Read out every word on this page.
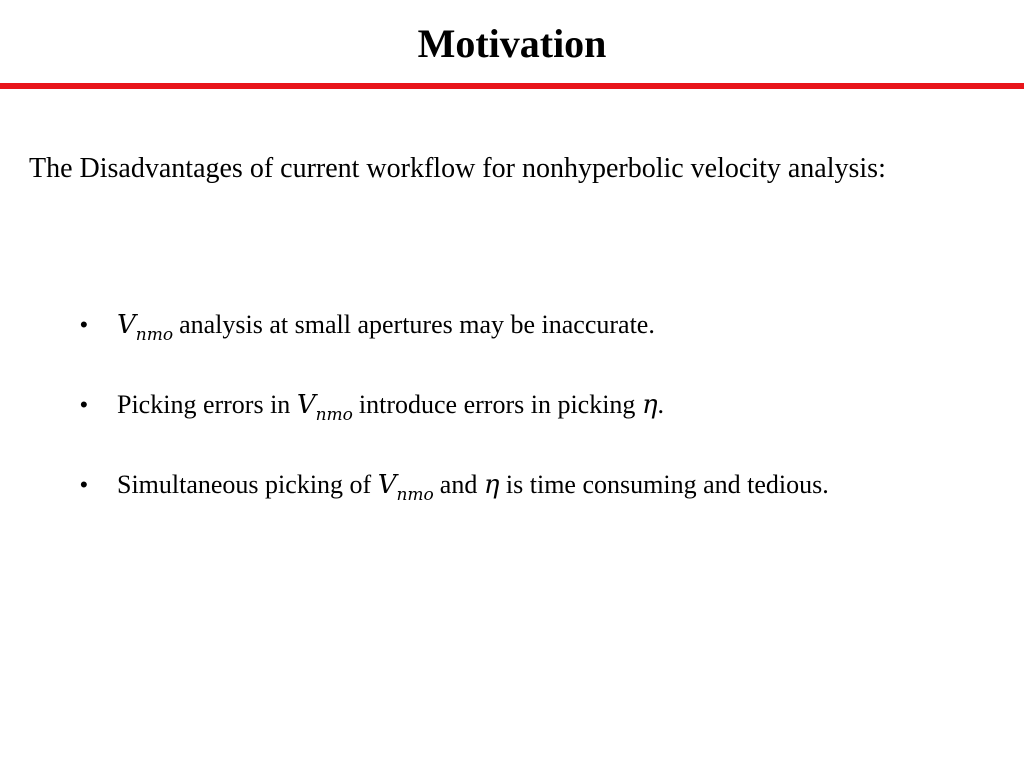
Motivation

The Disadvantages of current workflow for nonhyperbolic velocity analysis:

• $V_{nmo}$ analysis at small apertures may be inaccurate.
• Picking errors in $V_{nmo}$ introduce errors in picking η.
• Simultaneous picking of $V_{nmo}$ and η is time consuming and tedious.
